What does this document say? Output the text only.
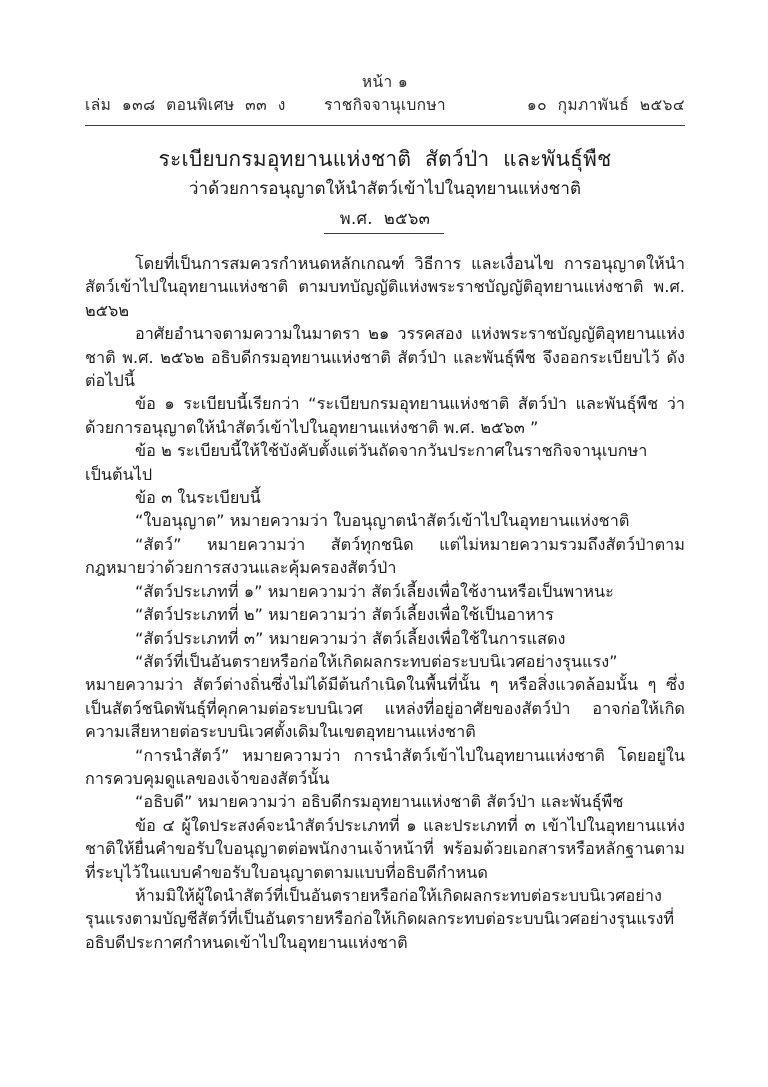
หน้า ๑
เล่ม  ๑๓๘  ตอนพิเศษ  ๓๓  ง	ราชกิจจานุเบกษา	๑๐  กุมภาพันธ์  ๒๕๖๔
ระเบียบกรมอุทยานแห่งชาติ  สัตว์ป่า  และพันธุ์พืช
ว่าด้วยการอนุญาตให้นำสัตว์เข้าไปในอุทยานแห่งชาติ
พ.ศ.  ๒๕๖๓

โดยที่เป็นการสมควรกำหนดหลักเกณฑ์ วิธีการ และเงื่อนไข การอนุญาตให้นำสัตว์เข้าไปในอุทยานแห่งชาติ ตามบทบัญญัติแห่งพระราชบัญญัติอุทยานแห่งชาติ พ.ศ. ๒๕๖๒

อาศัยอำนาจตามความในมาตรา ๒๑ วรรคสอง แห่งพระราชบัญญัติอุทยานแห่งชาติ พ.ศ. ๒๕๖๒ อธิบดีกรมอุทยานแห่งชาติ สัตว์ป่า และพันธุ์พืช จึงออกระเบียบไว้ ดังต่อไปนี้

ข้อ ๑ ระเบียบนี้เรียกว่า “ระเบียบกรมอุทยานแห่งชาติ สัตว์ป่า และพันธุ์พืช ว่าด้วยการอนุญาตให้นำสัตว์เข้าไปในอุทยานแห่งชาติ พ.ศ. ๒๕๖๓ ”

ข้อ ๒ ระเบียบนี้ให้ใช้บังคับตั้งแต่วันถัดจากวันประกาศในราชกิจจานุเบกษาเป็นต้นไป

ข้อ ๓ ในระเบียบนี้

“ใบอนุญาต” หมายความว่า ใบอนุญาตนำสัตว์เข้าไปในอุทยานแห่งชาติ

“สัตว์” หมายความว่า สัตว์ทุกชนิด แต่ไม่หมายความรวมถึงสัตว์ป่าตามกฎหมายว่าด้วยการสงวนและคุ้มครองสัตว์ป่า

“สัตว์ประเภทที่ ๑” หมายความว่า สัตว์เลี้ยงเพื่อใช้งานหรือเป็นพาหนะ

“สัตว์ประเภทที่ ๒” หมายความว่า สัตว์เลี้ยงเพื่อใช้เป็นอาหาร

“สัตว์ประเภทที่ ๓” หมายความว่า สัตว์เลี้ยงเพื่อใช้ในการแสดง

“สัตว์ที่เป็นอันตรายหรือก่อให้เกิดผลกระทบต่อระบบนิเวศอย่างรุนแรง” หมายความว่า สัตว์ต่างถิ่นซึ่งไม่ได้มีต้นกำเนิดในพื้นที่นั้น ๆ หรือสิ่งแวดล้อมนั้น ๆ ซึ่งเป็นสัตว์ชนิดพันธุ์ที่คุกคามต่อระบบนิเวศ แหล่งที่อยู่อาศัยของสัตว์ป่า อาจก่อให้เกิดความเสียหายต่อระบบนิเวศตั้งเดิมในเขตอุทยานแห่งชาติ

“การนำสัตว์” หมายความว่า การนำสัตว์เข้าไปในอุทยานแห่งชาติ โดยอยู่ในการควบคุมดูแลของเจ้าของสัตว์นั้น

“อธิบดี” หมายความว่า อธิบดีกรมอุทยานแห่งชาติ สัตว์ป่า และพันธุ์พืช

ข้อ ๔ ผู้ใดประสงค์จะนำสัตว์ประเภทที่ ๑ และประเภทที่ ๓ เข้าไปในอุทยานแห่งชาติให้ยื่นคำขอรับใบอนุญาตต่อพนักงานเจ้าหน้าที่ พร้อมด้วยเอกสารหรือหลักฐานตามที่ระบุไว้ในแบบคำขอรับใบอนุญาตตามแบบที่อธิบดีกำหนด

ห้ามมิให้ผู้ใดนำสัตว์ที่เป็นอันตรายหรือก่อให้เกิดผลกระทบต่อระบบนิเวศอย่างรุนแรงตามบัญชีสัตว์ที่เป็นอันตรายหรือก่อให้เกิดผลกระทบต่อระบบนิเวศอย่างรุนแรงที่อธิบดีประกาศกำหนดเข้าไปในอุทยานแห่งชาติ
